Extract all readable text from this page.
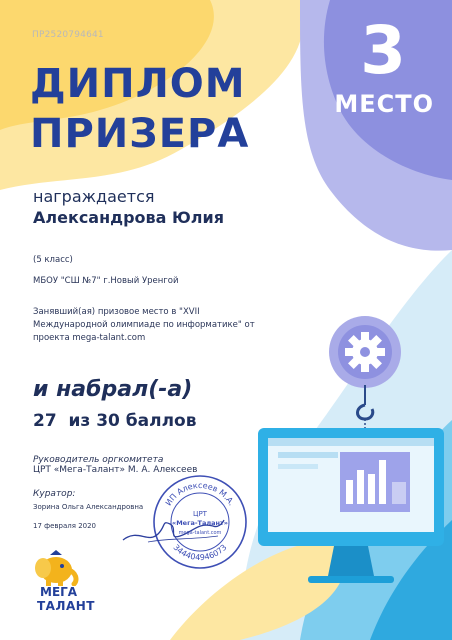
ПР2520794641
ДИПЛОМ
ПРИЗЕРА
3
МЕСТО
награждается
Александрова Юлия
(5 класс)
МБОУ "СШ №7" г.Новый Уренгой
Занявший(ая) призовое место в "XVII
Международной олимпиаде по информатике" от
проекта mega-talant.com
и набрал(-а)
27  из 30 баллов
Руководитель оргкомитета
ЦРТ «Мега-Талант» М. А. Алексеев
Куратор:
Зорина Ольга Александровна
17 февраля 2020
ИП Алексеев М.А.
344404946073
ЦРТ
«Мега-Талант»
mega-talant.com
МЕГА
ТАЛАНТ
